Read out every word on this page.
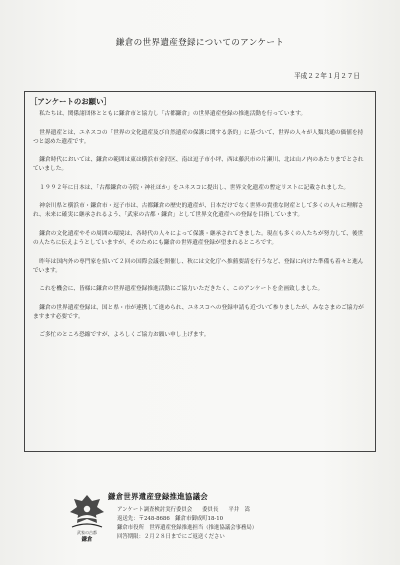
鎌倉の世界遺産登録についてのアンケート
平成２２年１月２７日
［アンケートのお願い］

私たちは、関係諸団体とともに鎌倉市と協力し「古都鎌倉」の世界遺産登録の推進活動を行っています。

世界遺産とは、ユネスコの「世界の文化遺産及び自然遺産の保護に関する条約」に基づいて、世界の人々が人類共通の価値を持つと認めた遺産です。

鎌倉時代においては、鎌倉の範囲は東は横浜市金沢区、南は逗子市小坪、西は藤沢市の片瀬川、北は山ノ内のあたりまでとされていました。

１９９２年に日本は、「古都鎌倉の寺院・神社ほか」をユネスコに提出し、世界文化遺産の暫定リストに記載されました。

神奈川県と横浜市・鎌倉市・逗子市は、古都鎌倉の歴史的遺産が、日本だけでなく世界の貴重な財産として多くの人々に理解され、未来に確実に継承されるよう、「武家の古都・鎌倉」として世界文化遺産への登録を目指しています。

鎌倉の文化遺産やその周囲の環境は、各時代の人々によって保護・継承されてきました。現在も多くの人たちが努力して、後世の人たちに伝えようとしていますが、そのためにも鎌倉の世界遺産登録が望まれるところです。

昨年は国内外の専門家を招いて２回の国際会議を開催し、秋には文化庁へ推薦要請を行うなど、登録に向けた準備も着々と進んでいます。

これを機会に、皆様に鎌倉の世界遺産登録推進活動にご協力いただきたく、このアンケートを企画致しました。

鎌倉の世界遺産登録は、国と県・市が連携して進められ、ユネスコへの登録申請も近づいて参りましたが、みなさまのご協力がますます必要です。

ご多忙のところ恐縮ですが、よろしくご協力お願い申し上げます。

武家の古都
鎌倉
鎌倉世界遺産登録推進協議会
アンケート調査検討実行委員会 委員長 平井　嵩
返送先：〒248-8686　鎌倉市御成町18-10
鎌倉市役所　世界遺産登録推進担当（推進協議会事務局）
回答期限：２月２８日までにご返送ください
